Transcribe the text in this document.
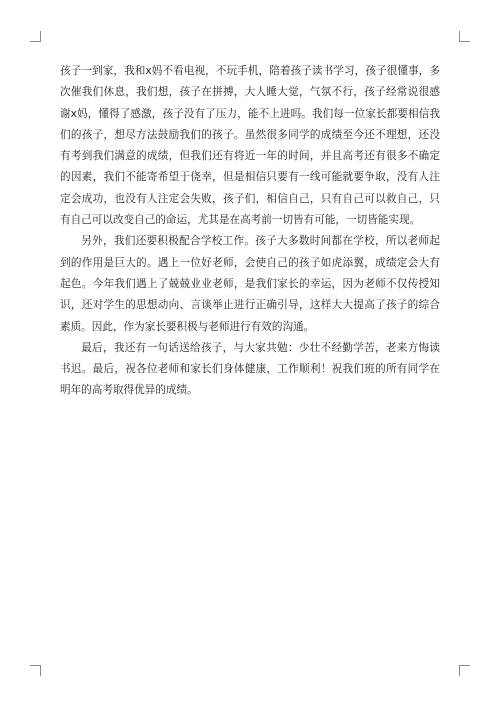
孩子一到家，我和x妈不看电视，不玩手机，陪着孩子读书学习，孩子很懂事，多次催我们休息，我们想，孩子在拼搏，大人睡大觉，气氛不行，孩子经常说很感谢x妈，懂得了感激，孩子没有了压力，能不上进吗。我们每一位家长都要相信我们的孩子，想尽方法鼓励我们的孩子。虽然很多同学的成绩至今还不理想，还没有考到我们满意的成绩，但我们还有将近一年的时间，并且高考还有很多不确定的因素，我们不能寄希望于侥幸，但是相信只要有一线可能就要争取，没有人注定会成功，也没有人注定会失败，孩子们，相信自己，只有自己可以救自己，只有自己可以改变自己的命运，尤其是在高考前一切皆有可能，一切皆能实现。

另外，我们还要积极配合学校工作。孩子大多数时间都在学校，所以老师起到的作用是巨大的。遇上一位好老师，会使自己的孩子如虎添翼，成绩定会大有起色。今年我们遇上了兢兢业业老师，是我们家长的幸运，因为老师不仅传授知识，还对学生的思想动向、言谈举止进行正确引导，这样大大提高了孩子的综合素质。因此，作为家长要积极与老师进行有效的沟通。

最后，我还有一句话送给孩子，与大家共勉：少壮不经勤学苦，老来方悔读书迟。最后，祝各位老师和家长们身体健康，工作顺利！祝我们班的所有同学在明年的高考取得优异的成绩。
